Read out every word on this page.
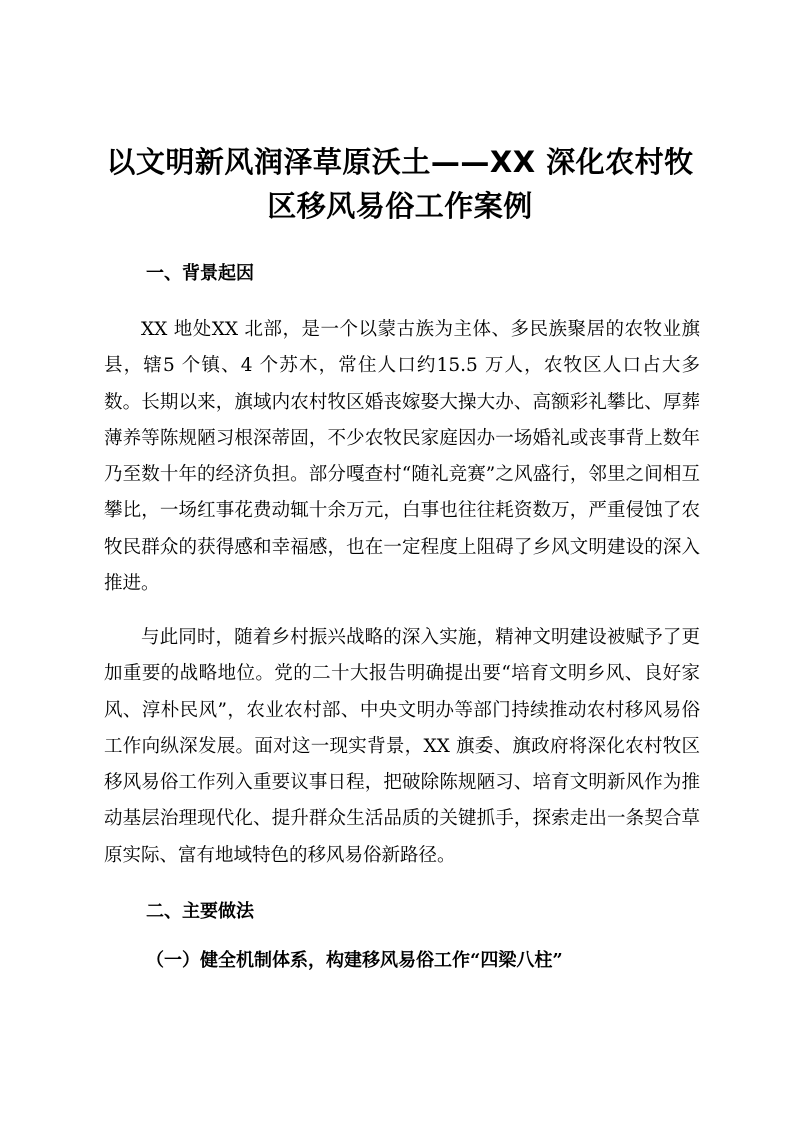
以文明新风润泽草原沃土——XX 深化农村牧
区移风易俗工作案例
一、背景起因

XX 地处XX 北部，是一个以蒙古族为主体、多民族聚居的农牧业旗县，辖5 个镇、4 个苏木，常住人口约15.5 万人，农牧区人口占大多数。长期以来，旗域内农村牧区婚丧嫁娶大操大办、高额彩礼攀比、厚葬薄养等陈规陋习根深蒂固，不少农牧民家庭因办一场婚礼或丧事背上数年乃至数十年的经济负担。部分嘎查村“随礼竞赛”之风盛行，邻里之间相互攀比，一场红事花费动辄十余万元，白事也往往耗资数万，严重侵蚀了农牧民群众的获得感和幸福感，也在一定程度上阻碍了乡风文明建设的深入推进。

与此同时，随着乡村振兴战略的深入实施，精神文明建设被赋予了更加重要的战略地位。党的二十大报告明确提出要“培育文明乡风、良好家风、淳朴民风”，农业农村部、中央文明办等部门持续推动农村移风易俗工作向纵深发展。面对这一现实背景，XX 旗委、旗政府将深化农村牧区移风易俗工作列入重要议事日程，把破除陈规陋习、培育文明新风作为推动基层治理现代化、提升群众生活品质的关键抓手，探索走出一条契合草原实际、富有地域特色的移风易俗新路径。

二、主要做法
（一）健全机制体系，构建移风易俗工作“四梁八柱”
